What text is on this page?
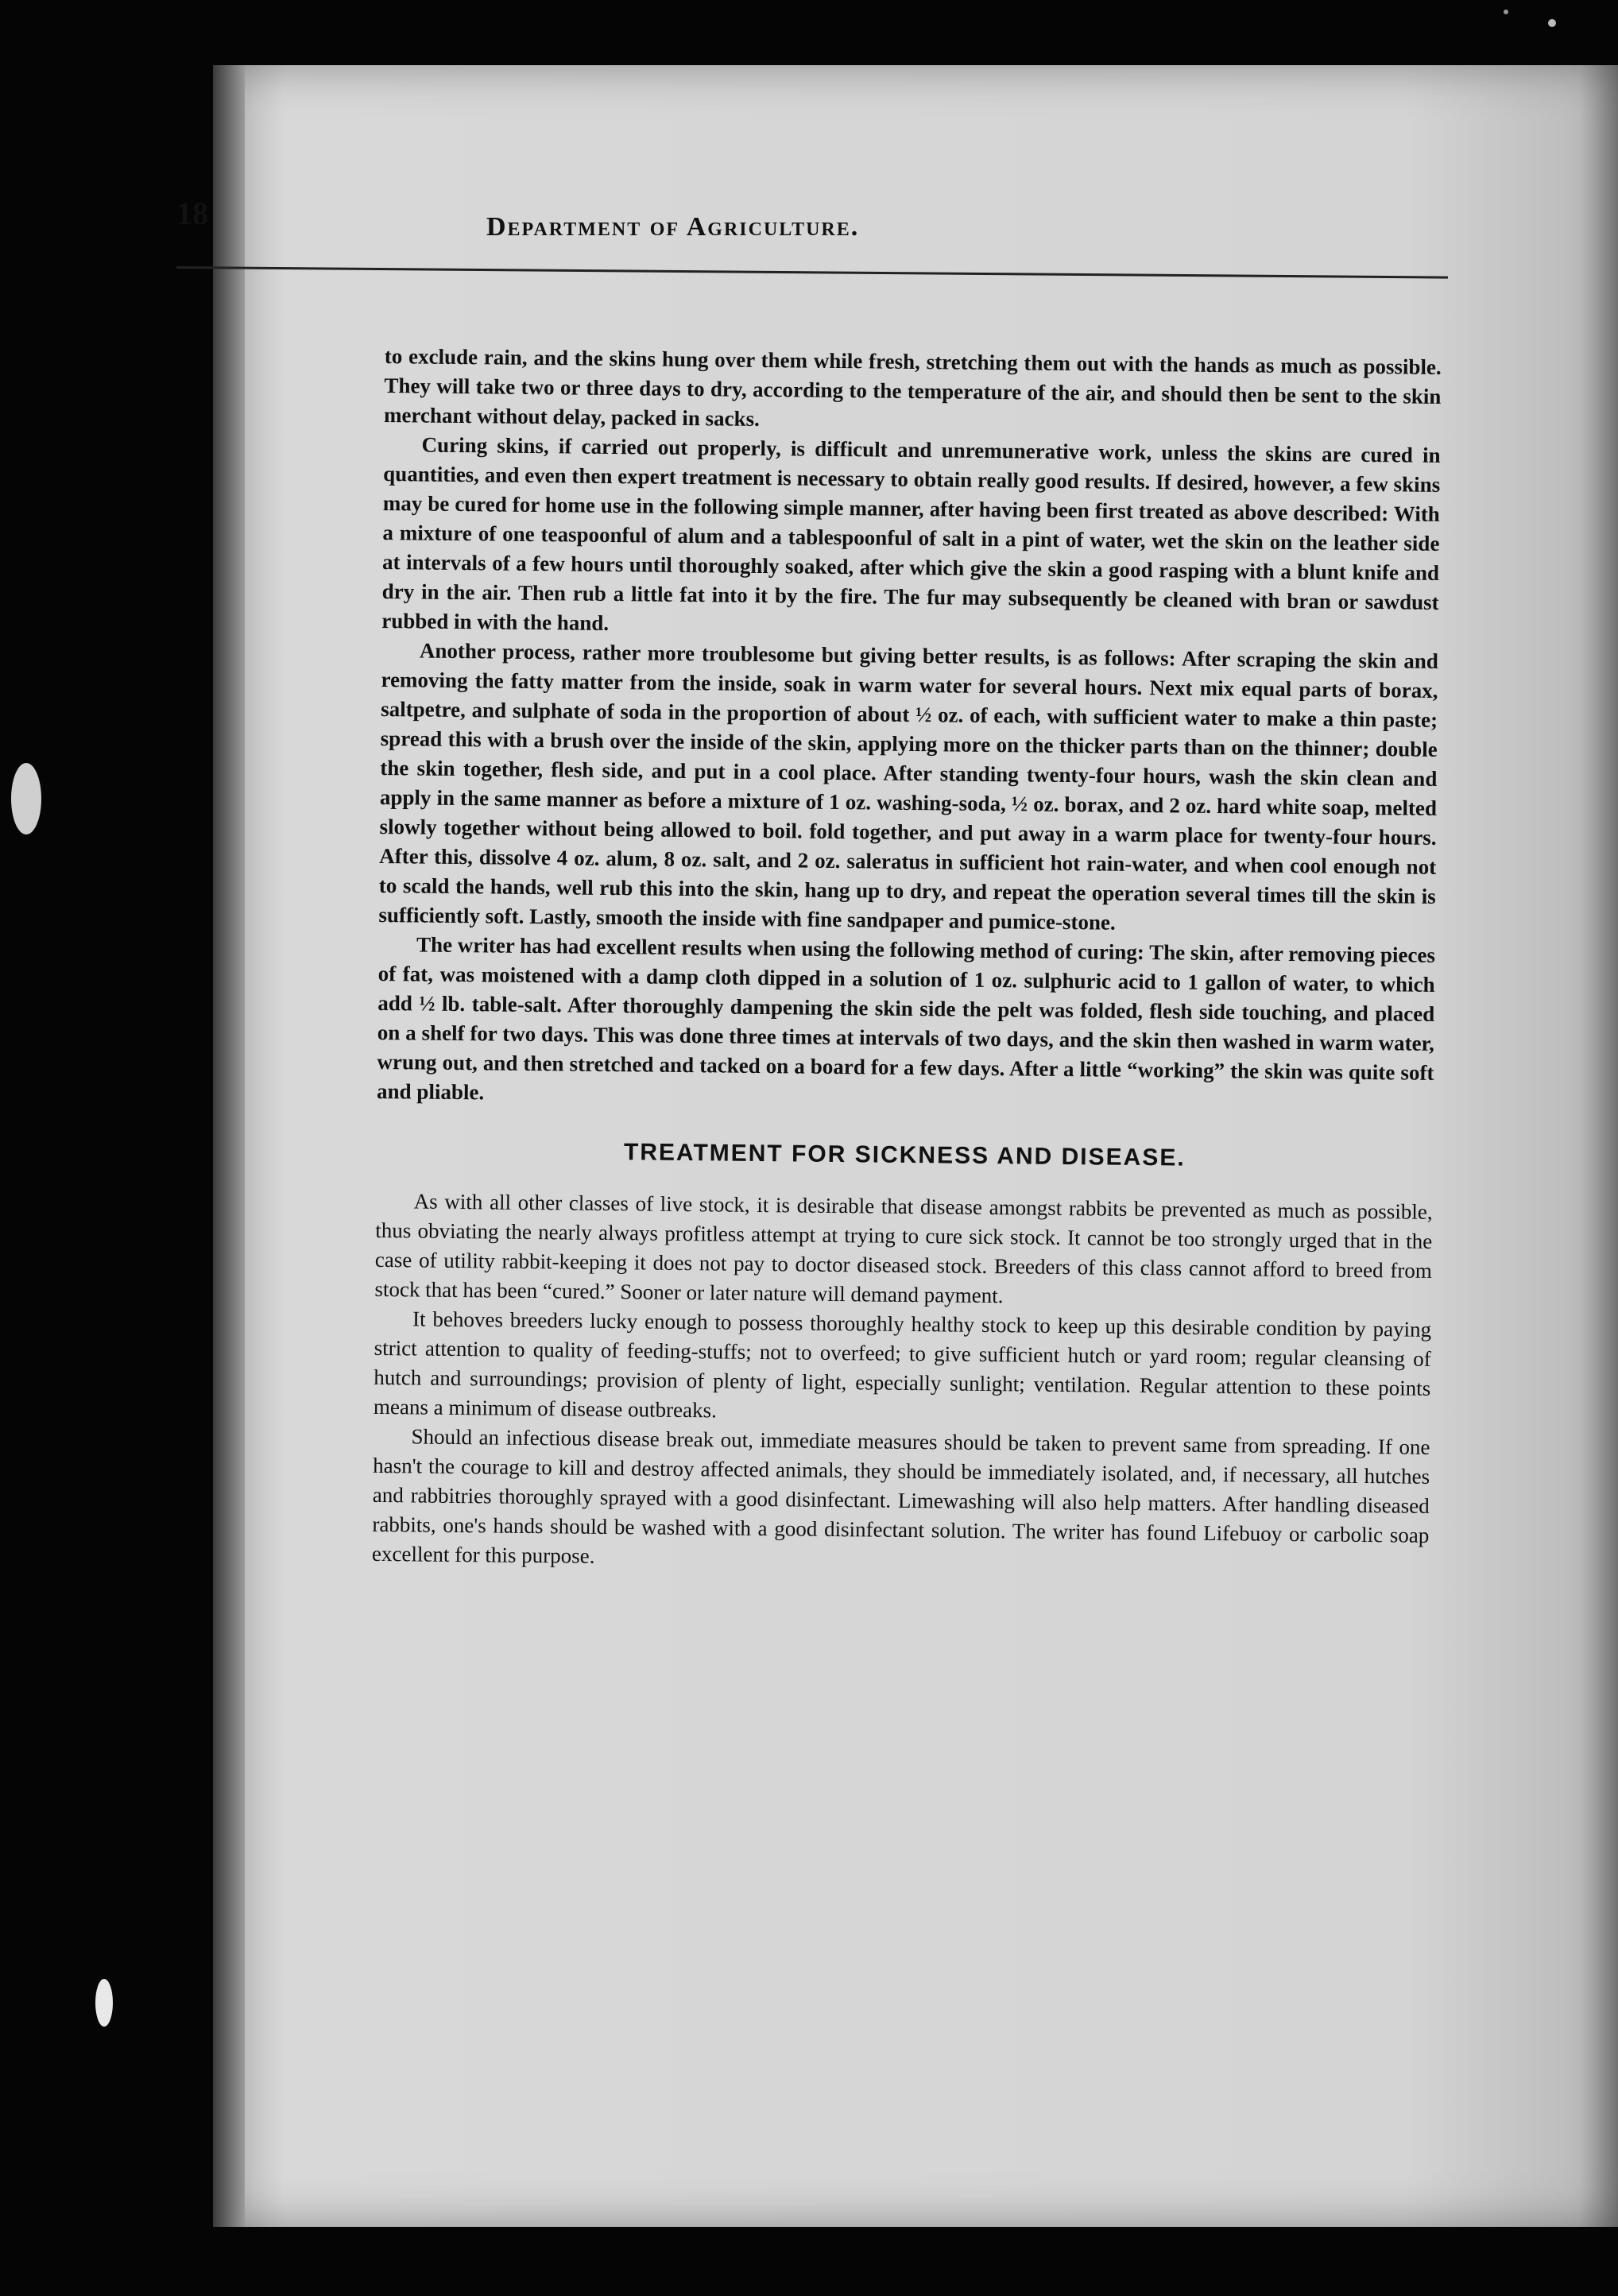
18	Department of Agriculture.

to exclude rain, and the skins hung over them while fresh, stretching them out with the hands as much as possible. They will take two or three days to dry, according to the temperature of the air, and should then be sent to the skin merchant without delay, packed in sacks.

Curing skins, if carried out properly, is difficult and unremunerative work, unless the skins are cured in quantities, and even then expert treatment is necessary to obtain really good results. If desired, however, a few skins may be cured for home use in the following simple manner, after having been first treated as above described: With a mixture of one teaspoonful of alum and a tablespoonful of salt in a pint of water, wet the skin on the leather side at intervals of a few hours until thoroughly soaked, after which give the skin a good rasping with a blunt knife and dry in the air. Then rub a little fat into it by the fire. The fur may subsequently be cleaned with bran or sawdust rubbed in with the hand.

Another process, rather more troublesome but giving better results, is as follows: After scraping the skin and removing the fatty matter from the inside, soak in warm water for several hours. Next mix equal parts of borax, saltpetre, and sulphate of soda in the proportion of about ½ oz. of each, with sufficient water to make a thin paste; spread this with a brush over the inside of the skin, applying more on the thicker parts than on the thinner; double the skin together, flesh side, and put in a cool place. After standing twenty-four hours, wash the skin clean and apply in the same manner as before a mixture of 1 oz. washing-soda, ½ oz. borax, and 2 oz. hard white soap, melted slowly together without being allowed to boil. fold together, and put away in a warm place for twenty-four hours. After this, dissolve 4 oz. alum, 8 oz. salt, and 2 oz. saleratus in sufficient hot rain-water, and when cool enough not to scald the hands, well rub this into the skin, hang up to dry, and repeat the operation several times till the skin is sufficiently soft. Lastly, smooth the inside with fine sandpaper and pumice-stone.

The writer has had excellent results when using the following method of curing: The skin, after removing pieces of fat, was moistened with a damp cloth dipped in a solution of 1 oz. sulphuric acid to 1 gallon of water, to which add ½ lb. table-salt. After thoroughly dampening the skin side the pelt was folded, flesh side touching, and placed on a shelf for two days. This was done three times at intervals of two days, and the skin then washed in warm water, wrung out, and then stretched and tacked on a board for a few days. After a little “working” the skin was quite soft and pliable.

TREATMENT FOR SICKNESS AND DISEASE.

As with all other classes of live stock, it is desirable that disease amongst rabbits be prevented as much as possible, thus obviating the nearly always profitless attempt at trying to cure sick stock. It cannot be too strongly urged that in the case of utility rabbit-keeping it does not pay to doctor diseased stock. Breeders of this class cannot afford to breed from stock that has been “cured.” Sooner or later nature will demand payment.

It behoves breeders lucky enough to possess thoroughly healthy stock to keep up this desirable condition by paying strict attention to quality of feeding-stuffs; not to overfeed; to give sufficient hutch or yard room; regular cleansing of hutch and surroundings; provision of plenty of light, especially sunlight; ventilation. Regular attention to these points means a minimum of disease outbreaks.

Should an infectious disease break out, immediate measures should be taken to prevent same from spreading. If one hasn't the courage to kill and destroy affected animals, they should be immediately isolated, and, if necessary, all hutches and rabbitries thoroughly sprayed with a good disinfectant. Limewashing will also help matters. After handling diseased rabbits, one's hands should be washed with a good disinfectant solution. The writer has found Lifebuoy or carbolic soap excellent for this purpose.
